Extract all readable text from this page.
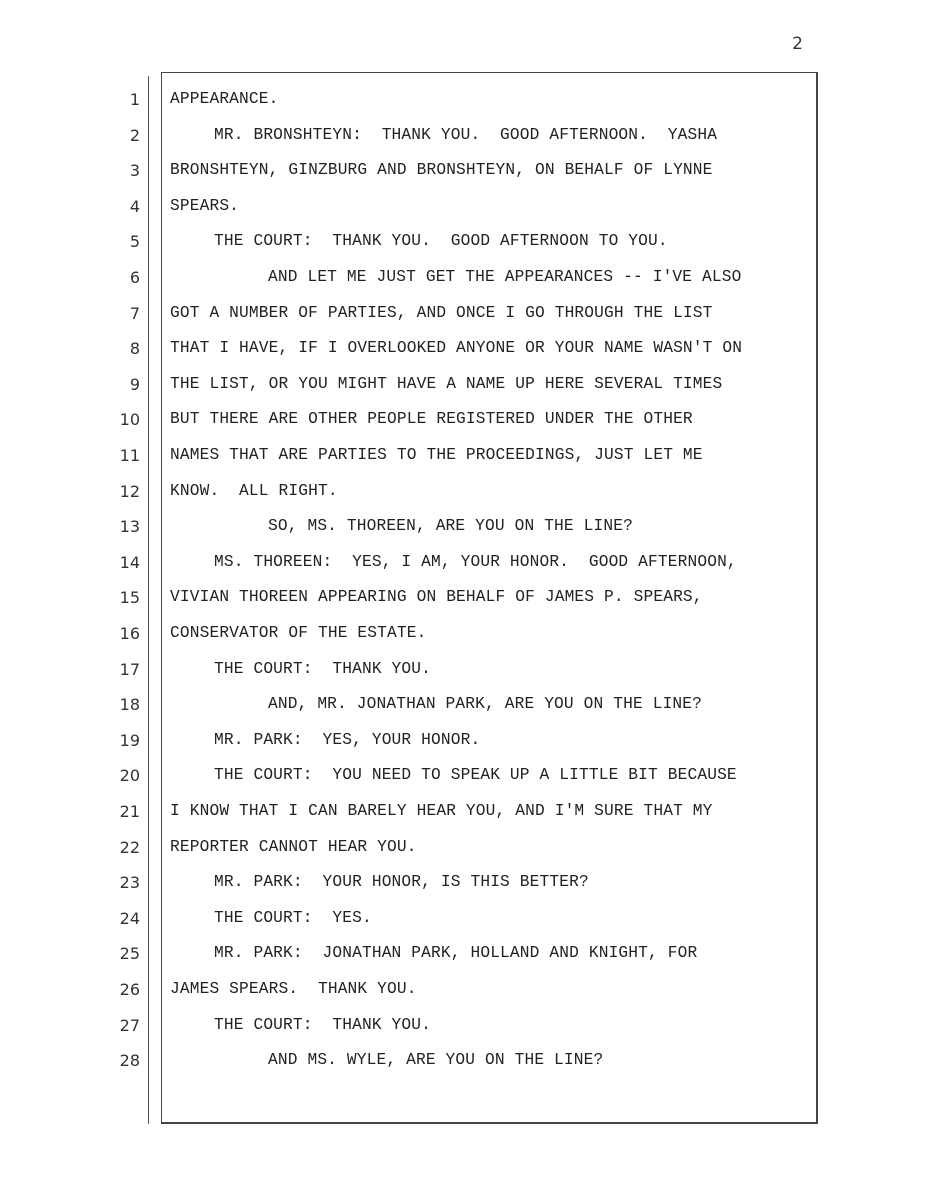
2
1 APPEARANCE.
2	MR. BRONSHTEYN:  THANK YOU.  GOOD AFTERNOON.  YASHA
3 BRONSHTEYN, GINZBURG AND BRONSHTEYN, ON BEHALF OF LYNNE
4 SPEARS.
5	THE COURT:  THANK YOU.  GOOD AFTERNOON TO YOU.
6	AND LET ME JUST GET THE APPEARANCES -- I'VE ALSO
7 GOT A NUMBER OF PARTIES, AND ONCE I GO THROUGH THE LIST
8 THAT I HAVE, IF I OVERLOOKED ANYONE OR YOUR NAME WASN'T ON
9 THE LIST, OR YOU MIGHT HAVE A NAME UP HERE SEVERAL TIMES
10 BUT THERE ARE OTHER PEOPLE REGISTERED UNDER THE OTHER
11 NAMES THAT ARE PARTIES TO THE PROCEEDINGS, JUST LET ME
12 KNOW.  ALL RIGHT.
13	SO, MS. THOREEN, ARE YOU ON THE LINE?
14	MS. THOREEN:  YES, I AM, YOUR HONOR.  GOOD AFTERNOON,
15 VIVIAN THOREEN APPEARING ON BEHALF OF JAMES P. SPEARS,
16 CONSERVATOR OF THE ESTATE.
17	THE COURT:  THANK YOU.
18	AND, MR. JONATHAN PARK, ARE YOU ON THE LINE?
19	MR. PARK:  YES, YOUR HONOR.
20	THE COURT:  YOU NEED TO SPEAK UP A LITTLE BIT BECAUSE
21 I KNOW THAT I CAN BARELY HEAR YOU, AND I'M SURE THAT MY
22 REPORTER CANNOT HEAR YOU.
23	MR. PARK:  YOUR HONOR, IS THIS BETTER?
24	THE COURT:  YES.
25	MR. PARK:  JONATHAN PARK, HOLLAND AND KNIGHT, FOR
26 JAMES SPEARS.  THANK YOU.
27	THE COURT:  THANK YOU.
28	AND MS. WYLE, ARE YOU ON THE LINE?
